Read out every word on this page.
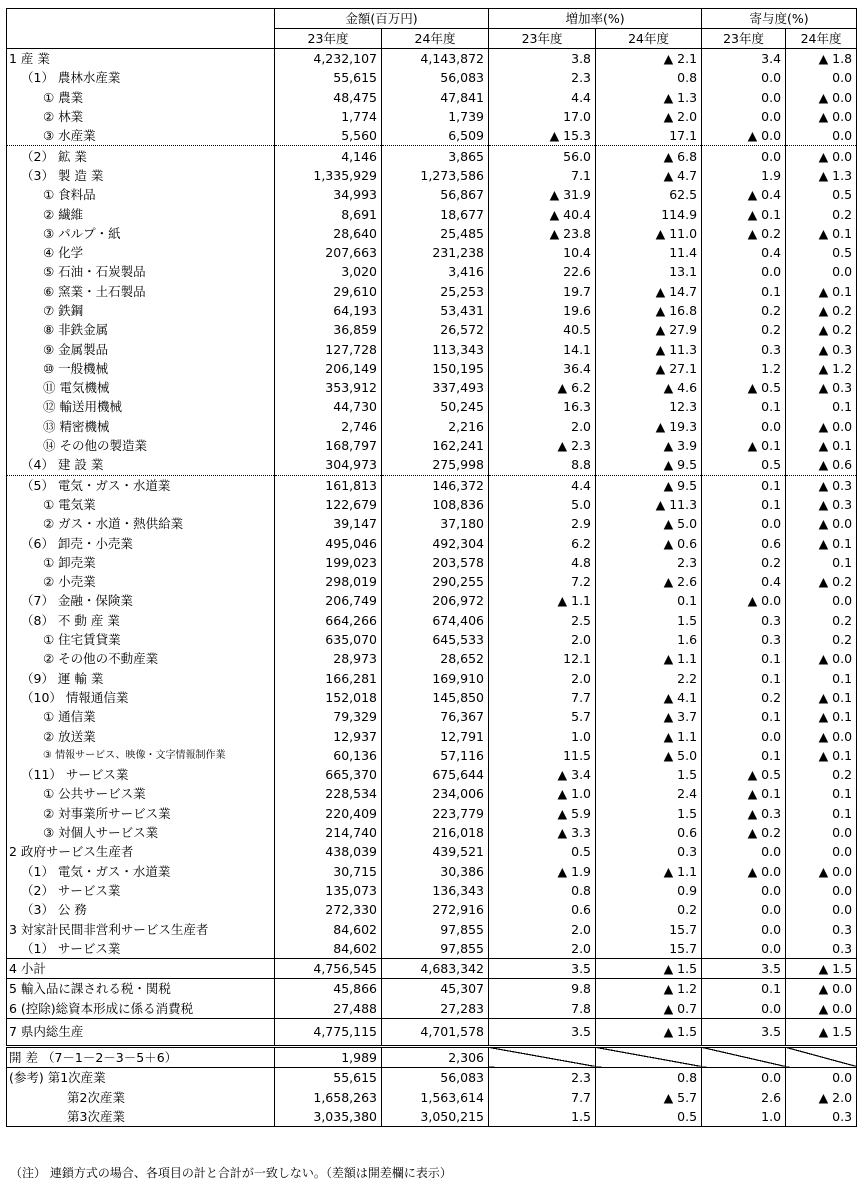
	金額(百万円)		増加率(%)		寄与度(%)	
	23年度	24年度	23年度	24年度	23年度	24年度
1 産 業	4,232,107	4,143,872	3.8	▲ 2.1	3.4	▲ 1.8
（1） 農林水産業	55,615	56,083	2.3	0.8	0.0	0.0
① 農業	48,475	47,841	4.4	▲ 1.3	0.0	▲ 0.0
② 林業	1,774	1,739	17.0	▲ 2.0	0.0	▲ 0.0
③ 水産業	5,560	6,509	▲ 15.3	17.1	▲ 0.0	0.0
（2） 鉱 業	4,146	3,865	56.0	▲ 6.8	0.0	▲ 0.0
（3） 製 造 業	1,335,929	1,273,586	7.1	▲ 4.7	1.9	▲ 1.3
① 食料品	34,993	56,867	▲ 31.9	62.5	▲ 0.4	0.5
② 繊維	8,691	18,677	▲ 40.4	114.9	▲ 0.1	0.2
③ パルプ・紙	28,640	25,485	▲ 23.8	▲ 11.0	▲ 0.2	▲ 0.1
④ 化学	207,663	231,238	10.4	11.4	0.4	0.5
⑤ 石油・石炭製品	3,020	3,416	22.6	13.1	0.0	0.0
⑥ 窯業・土石製品	29,610	25,253	19.7	▲ 14.7	0.1	▲ 0.1
⑦ 鉄鋼	64,193	53,431	19.6	▲ 16.8	0.2	▲ 0.2
⑧ 非鉄金属	36,859	26,572	40.5	▲ 27.9	0.2	▲ 0.2
⑨ 金属製品	127,728	113,343	14.1	▲ 11.3	0.3	▲ 0.3
⑩ 一般機械	206,149	150,195	36.4	▲ 27.1	1.2	▲ 1.2
⑪ 電気機械	353,912	337,493	▲ 6.2	▲ 4.6	▲ 0.5	▲ 0.3
⑫ 輸送用機械	44,730	50,245	16.3	12.3	0.1	0.1
⑬ 精密機械	2,746	2,216	2.0	▲ 19.3	0.0	▲ 0.0
⑭ その他の製造業	168,797	162,241	▲ 2.3	▲ 3.9	▲ 0.1	▲ 0.1
（4） 建 設 業	304,973	275,998	8.8	▲ 9.5	0.5	▲ 0.6
（5） 電気・ガス・水道業	161,813	146,372	4.4	▲ 9.5	0.1	▲ 0.3
① 電気業	122,679	108,836	5.0	▲ 11.3	0.1	▲ 0.3
② ガス・水道・熱供給業	39,147	37,180	2.9	▲ 5.0	0.0	▲ 0.0
（6） 卸売・小売業	495,046	492,304	6.2	▲ 0.6	0.6	▲ 0.1
① 卸売業	199,023	203,578	4.8	2.3	0.2	0.1
② 小売業	298,019	290,255	7.2	▲ 2.6	0.4	▲ 0.2
（7） 金融・保険業	206,749	206,972	▲ 1.1	0.1	▲ 0.0	0.0
（8） 不 動 産 業	664,266	674,406	2.5	1.5	0.3	0.2
① 住宅賃貸業	635,070	645,533	2.0	1.6	0.3	0.2
② その他の不動産業	28,973	28,652	12.1	▲ 1.1	0.1	▲ 0.0
（9） 運 輸 業	166,281	169,910	2.0	2.2	0.1	0.1
（10） 情報通信業	152,018	145,850	7.7	▲ 4.1	0.2	▲ 0.1
① 通信業	79,329	76,367	5.7	▲ 3.7	0.1	▲ 0.1
② 放送業	12,937	12,791	1.0	▲ 1.1	0.0	▲ 0.0
③ 情報サービス、映像・文字情報制作業	60,136	57,116	11.5	▲ 5.0	0.1	▲ 0.1
（11） サービス業	665,370	675,644	▲ 3.4	1.5	▲ 0.5	0.2
① 公共サービス業	228,534	234,006	▲ 1.0	2.4	▲ 0.1	0.1
② 対事業所サービス業	220,409	223,779	▲ 5.9	1.5	▲ 0.3	0.1
③ 対個人サービス業	214,740	216,018	▲ 3.3	0.6	▲ 0.2	0.0
2 政府サービス生産者	438,039	439,521	0.5	0.3	0.0	0.0
（1） 電気・ガス・水道業	30,715	30,386	▲ 1.9	▲ 1.1	▲ 0.0	▲ 0.0
（2） サービス業	135,073	136,343	0.8	0.9	0.0	0.0
（3） 公 務	272,330	272,916	0.6	0.2	0.0	0.0
3 対家計民間非営利サービス生産者	84,602	97,855	2.0	15.7	0.0	0.3
（1） サービス業	84,602	97,855	2.0	15.7	0.0	0.3
4 小計	4,756,545	4,683,342	3.5	▲ 1.5	3.5	▲ 1.5
5 輸入品に課される税・関税	45,866	45,307	9.8	▲ 1.2	0.1	▲ 0.0
6 (控除)総資本形成に係る消費税	27,488	27,283	7.8	▲ 0.7	0.0	▲ 0.0
7 県内総生産	4,775,115	4,701,578	3.5	▲ 1.5	3.5	▲ 1.5
開 差 （7－1－2－3－5＋6）	1,989	2,306				
(参考) 第1次産業	55,615	56,083	2.3	0.8	0.0	0.0
第2次産業	1,658,263	1,563,614	7.7	▲ 5.7	2.6	▲ 2.0
第3次産業	3,035,380	3,050,215	1.5	0.5	1.0	0.3
（注） 連鎖方式の場合、各項目の計と合計が一致しない。（差額は開差欄に表示）
